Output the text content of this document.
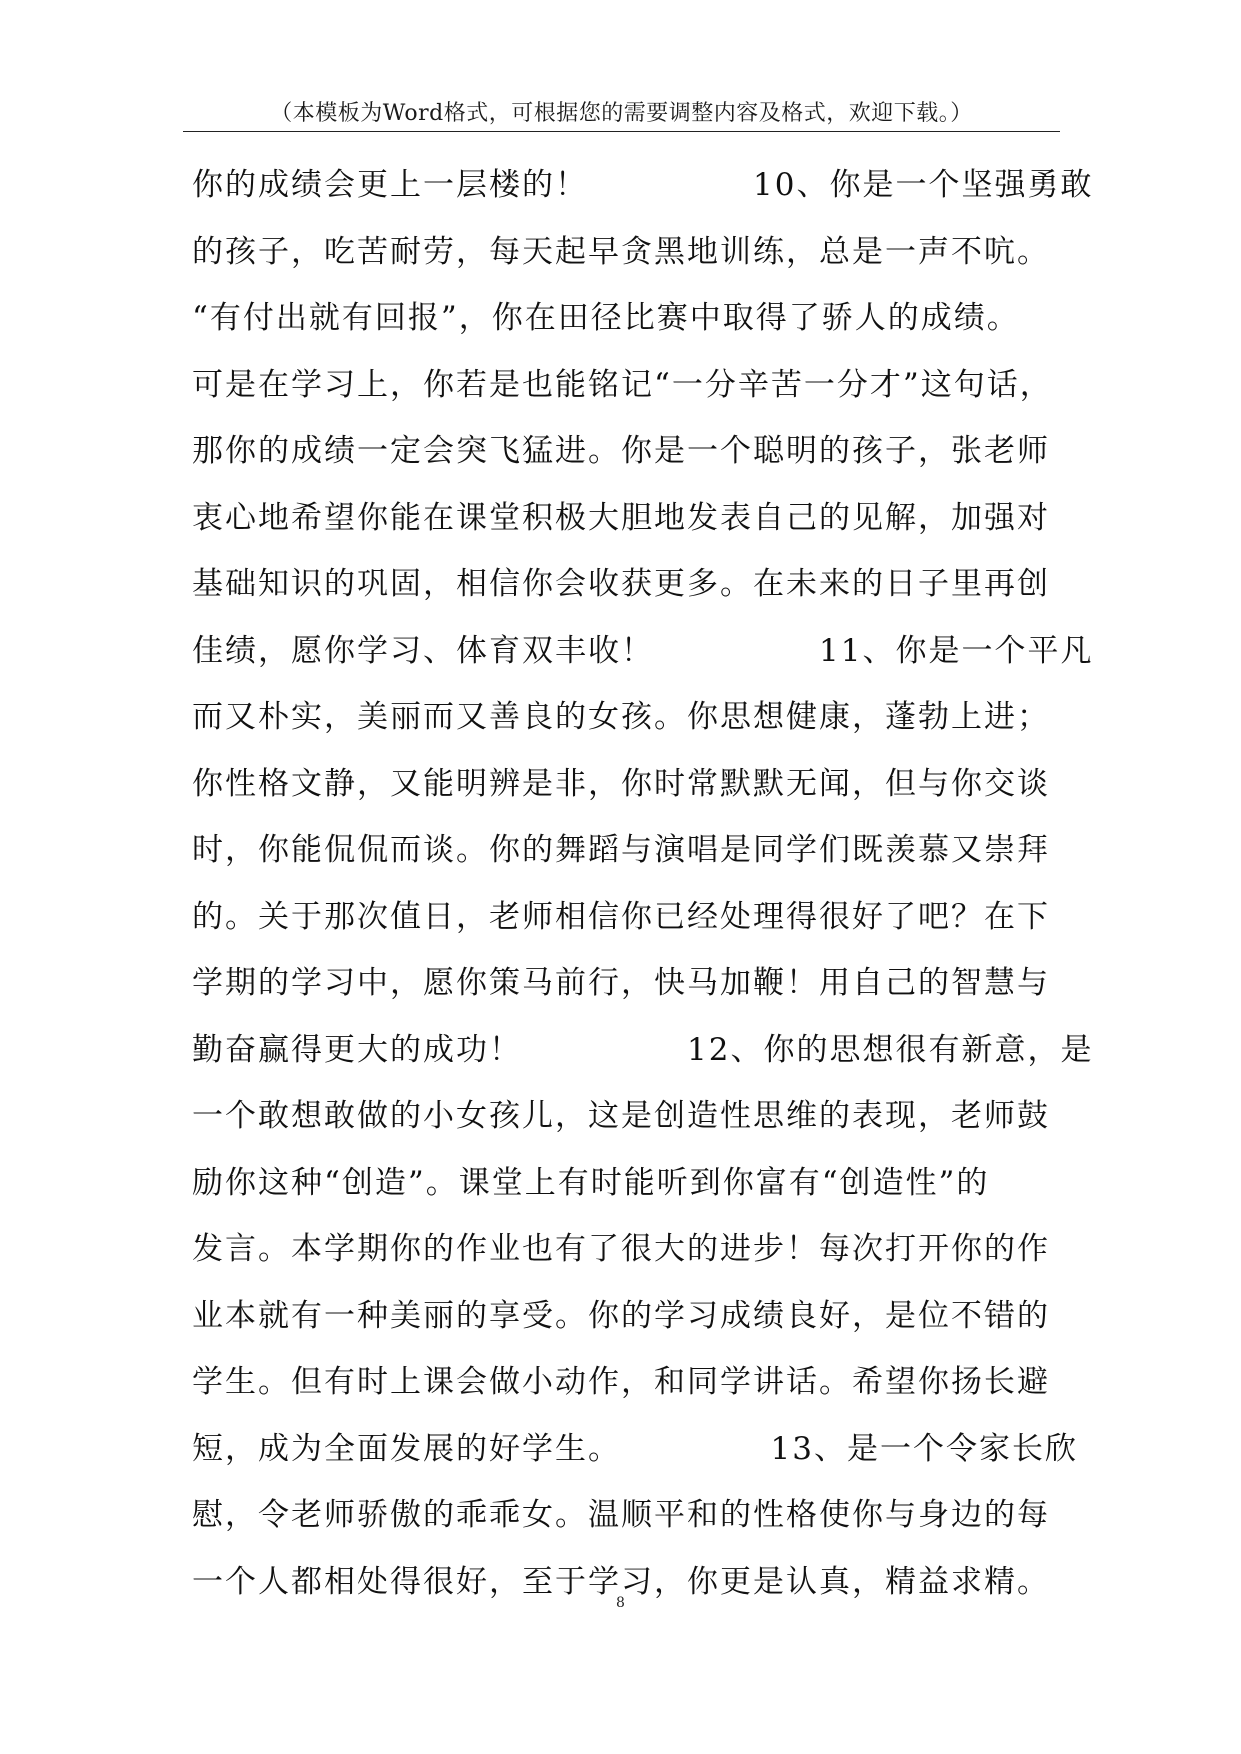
（本模板为Word格式，可根据您的需要调整内容及格式，欢迎下载。）
你的成绩会更上一层楼的！　　　　　10、你是一个坚强勇敢
的孩子，吃苦耐劳，每天起早贪黑地训练，总是一声不吭。
“有付出就有回报”，你在田径比赛中取得了骄人的成绩。
可是在学习上，你若是也能铭记“一分辛苦一分才”这句话，
那你的成绩一定会突飞猛进。你是一个聪明的孩子，张老师
衷心地希望你能在课堂积极大胆地发表自己的见解，加强对
基础知识的巩固，相信你会收获更多。在未来的日子里再创
佳绩，愿你学习、体育双丰收！　　　　　11、你是一个平凡
而又朴实，美丽而又善良的女孩。你思想健康，蓬勃上进；
你性格文静，又能明辨是非，你时常默默无闻，但与你交谈
时，你能侃侃而谈。你的舞蹈与演唱是同学们既羡慕又崇拜
的。关于那次值日，老师相信你已经处理得很好了吧？在下
学期的学习中，愿你策马前行，快马加鞭！用自己的智慧与
勤奋赢得更大的成功！　　　　　12、你的思想很有新意，是
一个敢想敢做的小女孩儿，这是创造性思维的表现，老师鼓
励你这种“创造”。课堂上有时能听到你富有“创造性”的
发言。本学期你的作业也有了很大的进步！每次打开你的作
业本就有一种美丽的享受。你的学习成绩良好，是位不错的
学生。但有时上课会做小动作，和同学讲话。希望你扬长避
短，成为全面发展的好学生。　　　　　13、是一个令家长欣
慰，令老师骄傲的乖乖女。温顺平和的性格使你与身边的每
一个人都相处得很好，至于学习，你更是认真，精益求精。
8
